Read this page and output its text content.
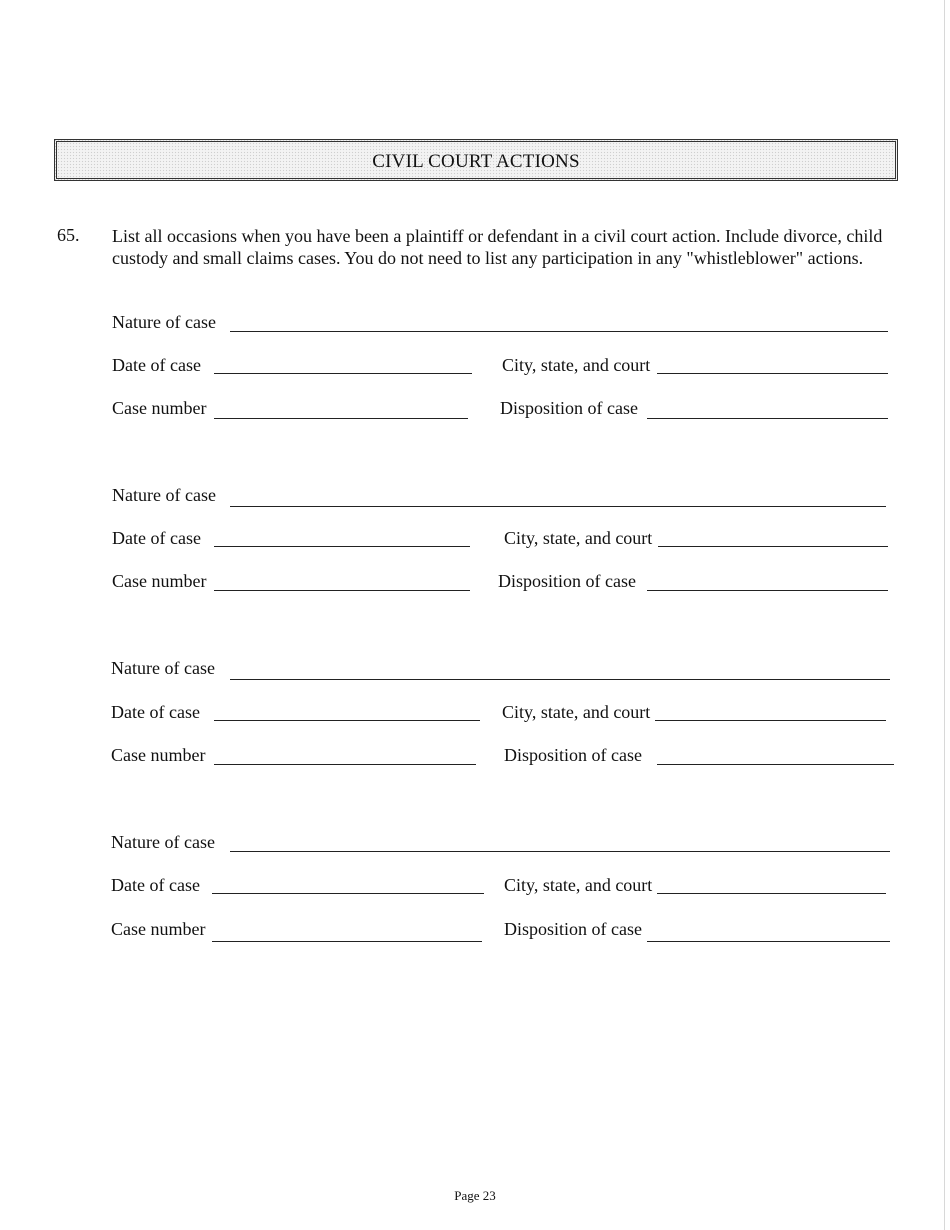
CIVIL COURT ACTIONS
65. List all occasions when you have been a plaintiff or defendant in a civil court action. Include divorce, child custody and small claims cases. You do not need to list any participation in any "whistleblower" actions.
Nature of case
Date of case	City, state, and court
Case number	Disposition of case
Nature of case
Date of case	City, state, and court
Case number	Disposition of case
Nature of case
Date of case	City, state, and court
Case number	Disposition of case
Nature of case
Date of case	City, state, and court
Case number	Disposition of case
Page 23
